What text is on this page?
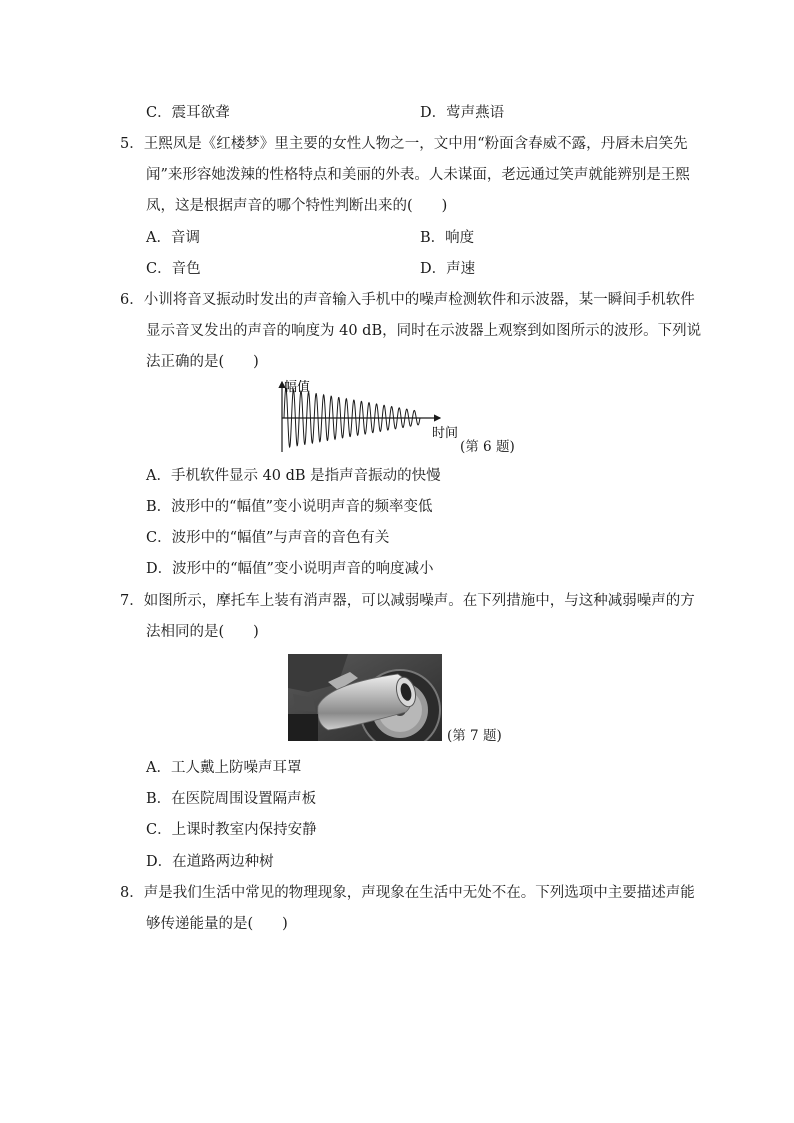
C．震耳欲聋	D．莺声燕语
5．王熙凤是《红楼梦》里主要的女性人物之一，文中用“粉面含春威不露，丹唇未启笑先
闻”来形容她泼辣的性格特点和美丽的外表。人未谋面，老远通过笑声就能辨别是王熙
凤，这是根据声音的哪个特性判断出来的(　　)
A．音调	B．响度
C．音色	D．声速
6．小训将音叉振动时发出的声音输入手机中的噪声检测软件和示波器，某一瞬间手机软件
显示音叉发出的声音的响度为 40 dB，同时在示波器上观察到如图所示的波形。下列说
法正确的是(　　)
幅值
时间
(第 6 题)
A．手机软件显示 40 dB 是指声音振动的快慢
B．波形中的“幅值”变小说明声音的频率变低
C．波形中的“幅值”与声音的音色有关
D．波形中的“幅值”变小说明声音的响度减小
7．如图所示，摩托车上装有消声器，可以减弱噪声。在下列措施中，与这种减弱噪声的方
法相同的是(　　)
(第 7 题)
A．工人戴上防噪声耳罩
B．在医院周围设置隔声板
C．上课时教室内保持安静
D．在道路两边种树
8．声是我们生活中常见的物理现象，声现象在生活中无处不在。下列选项中主要描述声能
够传递能量的是(　　)
